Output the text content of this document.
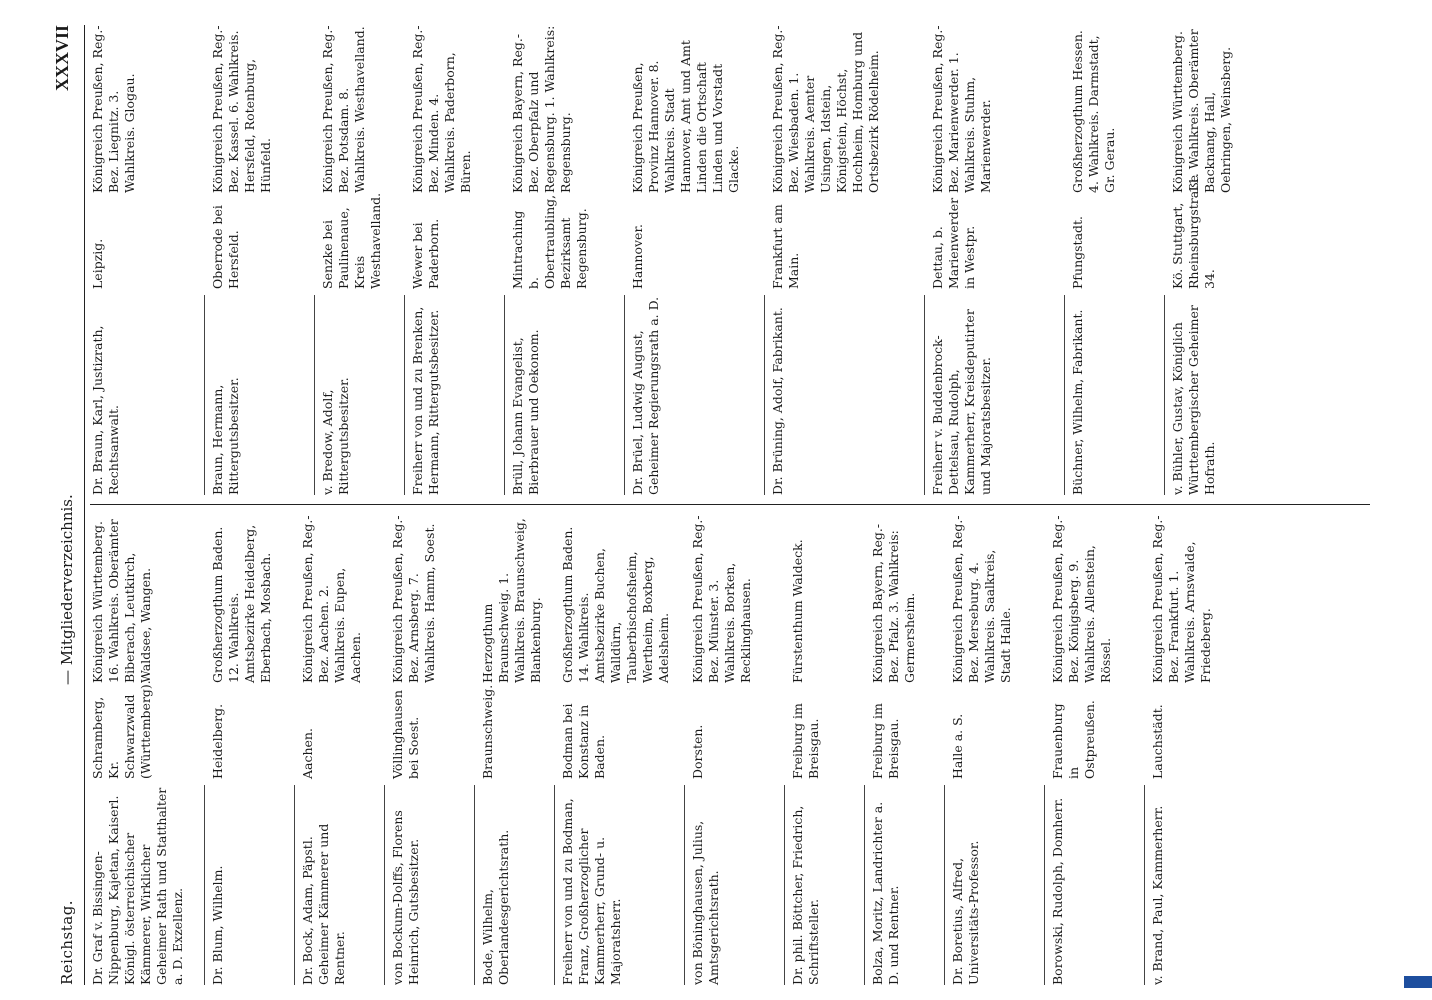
Reichstag.
— Mitgliederverzeichnis.
XXXVII
Dr. Graf v. Bissingen-Nippenburg, Kajetan, Kaiserl. Königl. österreichischer Kämmerer, Wirklicher Geheimer Rath und Statthalter a. D. Exzellenz.
Schramberg, Kr. Schwarzwald (Württemberg).
Königreich Württemberg. 16. Wahlkreis. Oberämter Biberach, Leutkirch, Waldsee, Wangen.
Dr. Blum, Wilhelm.
Heidelberg.
Großherzogthum Baden. 12. Wahlkreis. Amtsbezirke Heidelberg, Eberbach, Mosbach.
Dr. Bock, Adam, Päpstl. Geheimer Kämmerer und Rentner.
Aachen.
Königreich Preußen, Reg.-Bez. Aachen. 2. Wahlkreis. Eupen, Aachen.
von Bockum-Dolffs, Florens Heinrich, Gutsbesitzer.
Völlinghausen bei Soest.
Königreich Preußen, Reg.-Bez. Arnsberg. 7. Wahlkreis. Hamm, Soest.
Bode, Wilhelm, Oberlandesgerichtsrath.
Braunschweig.
Herzogthum Braunschweig. 1. Wahlkreis. Braunschweig, Blankenburg.
Freiherr von und zu Bodman, Franz, Großherzoglicher Kammerherr, Grund- u. Majoratsherr.
Bodman bei Konstanz in Baden.
Großherzogthum Baden. 14. Wahlkreis. Amtsbezirke Buchen, Walldürn, Tauberbischofsheim, Wertheim, Boxberg, Adelsheim.
von Böninghausen, Julius, Amtsgerichtsrath.
Dorsten.
Königreich Preußen, Reg.-Bez. Münster. 3. Wahlkreis. Borken, Recklinghausen.
Dr. phil. Böttcher, Friedrich, Schriftsteller.
Freiburg im Breisgau.
Fürstenthum Waldeck.
Bolza, Moritz, Landrichter a. D. und Rentner.
Freiburg im Breisgau.
Königreich Bayern, Reg.-Bez. Pfalz. 3. Wahlkreis: Germersheim.
Dr. Boretius, Alfred, Universitäts-Professor.
Halle a. S.
Königreich Preußen, Reg.-Bez. Merseburg. 4. Wahlkreis. Saalkreis, Stadt Halle.
Borowski, Rudolph, Domherr.
Frauenburg in Ostpreußen.
Königreich Preußen, Reg.-Bez. Königsberg. 9. Wahlkreis. Allenstein, Rössel.
v. Brand, Paul, Kammerherr.
Lauchstädt.
Königreich Preußen, Reg.-Bez. Frankfurt. 1. Wahlkreis. Arnswalde, Friedeberg.
Dr. Braun, Karl, Justizrath, Rechtsanwalt.
Leipzig.
Königreich Preußen, Reg.-Bez. Liegnitz. 3. Wahlkreis. Glogau.
Braun, Hermann, Rittergutsbesitzer.
Oberrode bei Hersfeld.
Königreich Preußen, Reg.-Bez. Kassel. 6. Wahlkreis. Hersfeld, Rotenburg, Hünfeld.
v. Bredow, Adolf, Rittergutsbesitzer.
Senzke bei Paulinenaue, Kreis Westhavelland.
Königreich Preußen, Reg.-Bez. Potsdam. 8. Wahlkreis. Westhavelland.
Freiherr von und zu Brenken, Hermann, Rittergutsbesitzer.
Wewer bei Paderborn.
Königreich Preußen, Reg.-Bez. Minden. 4. Wahlkreis. Paderborn, Büren.
Brüll, Johann Evangelist, Bierbrauer und Oekonom.
Mintraching b. Obertraubling, Bezirksamt Regensburg.
Königreich Bayern, Reg.-Bez. Oberpfalz und Regensburg. 1. Wahlkreis: Regensburg.
Dr. Brüel, Ludwig August, Geheimer Regierungsrath a. D.
Hannover.
Königreich Preußen, Provinz Hannover. 8. Wahlkreis. Stadt Hannover, Amt und Amt Linden die Ortschaft Linden und Vorstadt Glacke.
Dr. Brüning, Adolf, Fabrikant.
Frankfurt am Main.
Königreich Preußen, Reg.-Bez. Wiesbaden. 1. Wahlkreis. Aemter Usingen, Idstein, Königstein, Höchst, Hochheim, Homburg und Ortsbezirk Rödelheim.
Freiherr v. Buddenbrock-Dettelsau, Rudolph, Kammerherr, Kreisdeputirter und Majoratsbesitzer.
Dettau, b. Marienwerder in Westpr.
Königreich Preußen, Reg.-Bez. Marienwerder. 1. Wahlkreis. Stuhm, Marienwerder.
Büchner, Wilhelm, Fabrikant.
Pfungstadt.
Großherzogthum Hessen. 4. Wahlkreis. Darmstadt, Gr. Gerau.
v. Bühler, Gustav, Königlich Württembergischer Geheimer Hofrath.
Kö. Stuttgart, Rheinsburgstraße 34.
Königreich Württemberg. 11. Wahlkreis. Oberämter Backnang, Hall, Oehringen, Weinsberg.
